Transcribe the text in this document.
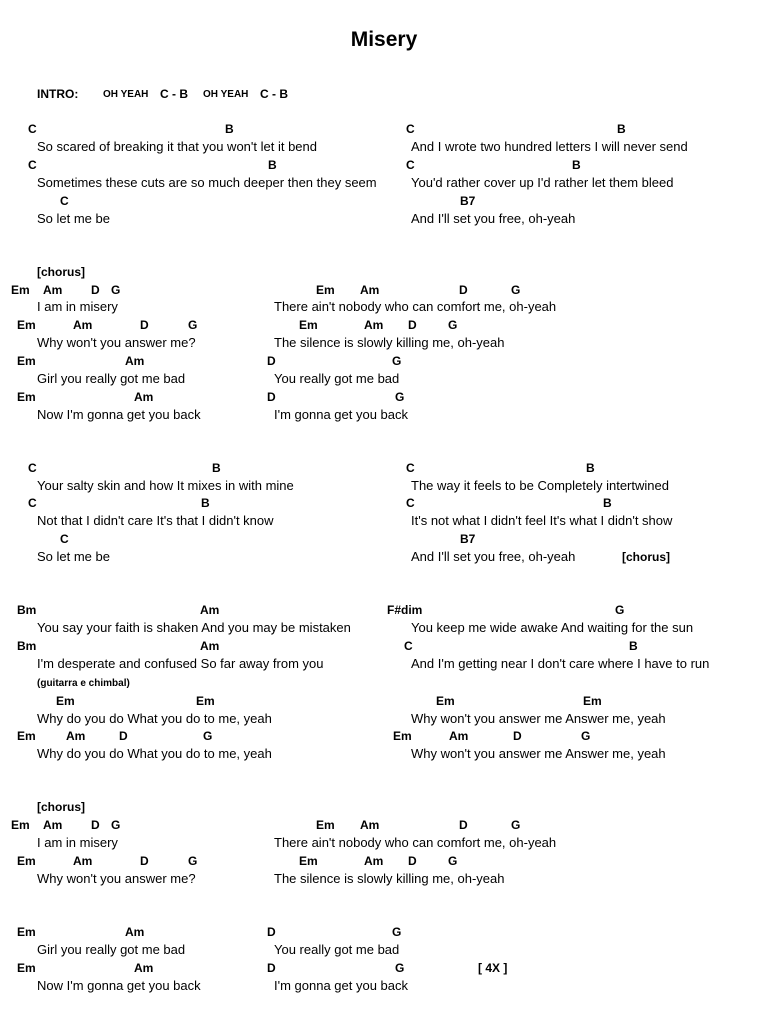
Misery
INTRO: OH YEAH C - B OH YEAH C - B
C	B	C	B
So scared of breaking it that you won't let it bend	And I wrote two hundred letters I will never send
C	B	C	B
Sometimes these cuts are so much deeper then they seem	You'd rather cover up I'd rather let them bleed
C	B7
So let me be	And I'll set you free, oh-yeah
[chorus]
Em Am D G	Em Am	D	G
I am in misery	There ain't nobody who can comfort me, oh-yeah
Em	Am	D	G	Em	Am D	G
Why won't you answer me?	The silence is slowly killing me, oh-yeah
Em	Am	D	G
Girl you really got me bad	You really got me bad
Em	Am	D	G
Now I'm gonna get you back	I'm gonna get you back
C	B	C	B
Your salty skin and how It mixes in with mine	The way it feels to be Completely intertwined
C	B	C	B
Not that I didn't care It's that I didn't know	It's not what I didn't feel It's what I didn't show
C	B7
So let me be	And I'll set you free, oh-yeah	[chorus]
Bm	Am	F#dim	G
You say your faith is shaken And you may be mistaken	You keep me wide awake And waiting for the sun
Bm	Am	C	B
I'm desperate and confused So far away from you	And I'm getting near I don't care where I have to run
(guitarra e chimbal)
Em	Em	Em	Em
Why do you do What you do to me, yeah	Why won't you answer me Answer me, yeah
Em	Am	D	G	Em	Am	D	G
Why do you do What you do to me, yeah	Why won't you answer me Answer me, yeah
[chorus]
Em Am D G	Em Am	D	G
I am in misery	There ain't nobody who can comfort me, oh-yeah
Em	Am	D	G	Em	Am D	G
Why won't you answer me?	The silence is slowly killing me, oh-yeah
Em	Am	D	G
Girl you really got me bad	You really got me bad
Em	Am	D	G	[ 4X ]
Now I'm gonna get you back	I'm gonna get you back
